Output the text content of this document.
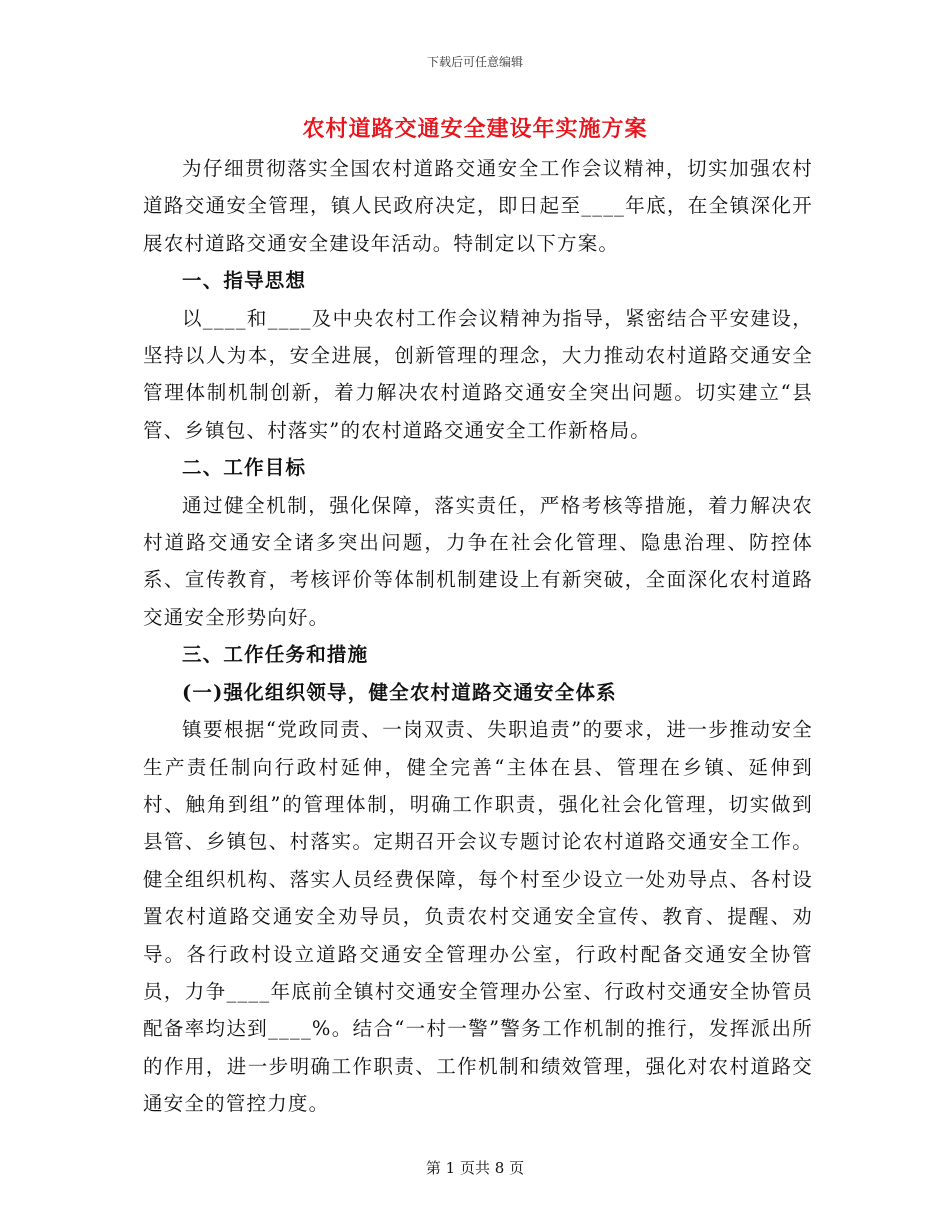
下载后可任意编辑
农村道路交通安全建设年实施方案

为仔细贯彻落实全国农村道路交通安全工作会议精神，切实加强农村道路交通安全管理，镇人民政府决定，即日起至____年底，在全镇深化开展农村道路交通安全建设年活动。特制定以下方案。

一、指导思想

以____和____及中央农村工作会议精神为指导，紧密结合平安建设，坚持以人为本，安全进展，创新管理的理念，大力推动农村道路交通安全管理体制机制创新，着力解决农村道路交通安全突出问题。切实建立“县管、乡镇包、村落实”的农村道路交通安全工作新格局。

二、工作目标

通过健全机制，强化保障，落实责任，严格考核等措施，着力解决农村道路交通安全诸多突出问题，力争在社会化管理、隐患治理、防控体系、宣传教育，考核评价等体制机制建设上有新突破，全面深化农村道路交通安全形势向好。

三、工作任务和措施
(一)强化组织领导，健全农村道路交通安全体系

镇要根据“党政同责、一岗双责、失职追责”的要求，进一步推动安全生产责任制向行政村延伸，健全完善“主体在县、管理在乡镇、延伸到村、触角到组”的管理体制，明确工作职责，强化社会化管理，切实做到县管、乡镇包、村落实。定期召开会议专题讨论农村道路交通安全工作。健全组织机构、落实人员经费保障，每个村至少设立一处劝导点、各村设置农村道路交通安全劝导员，负责农村交通安全宣传、教育、提醒、劝导。各行政村设立道路交通安全管理办公室，行政村配备交通安全协管员，力争____年底前全镇村交通安全管理办公室、行政村交通安全协管员配备率均达到____%。结合“一村一警”警务工作机制的推行，发挥派出所的作用，进一步明确工作职责、工作机制和绩效管理，强化对农村道路交通安全的管控力度。

第 1 页共 8 页
